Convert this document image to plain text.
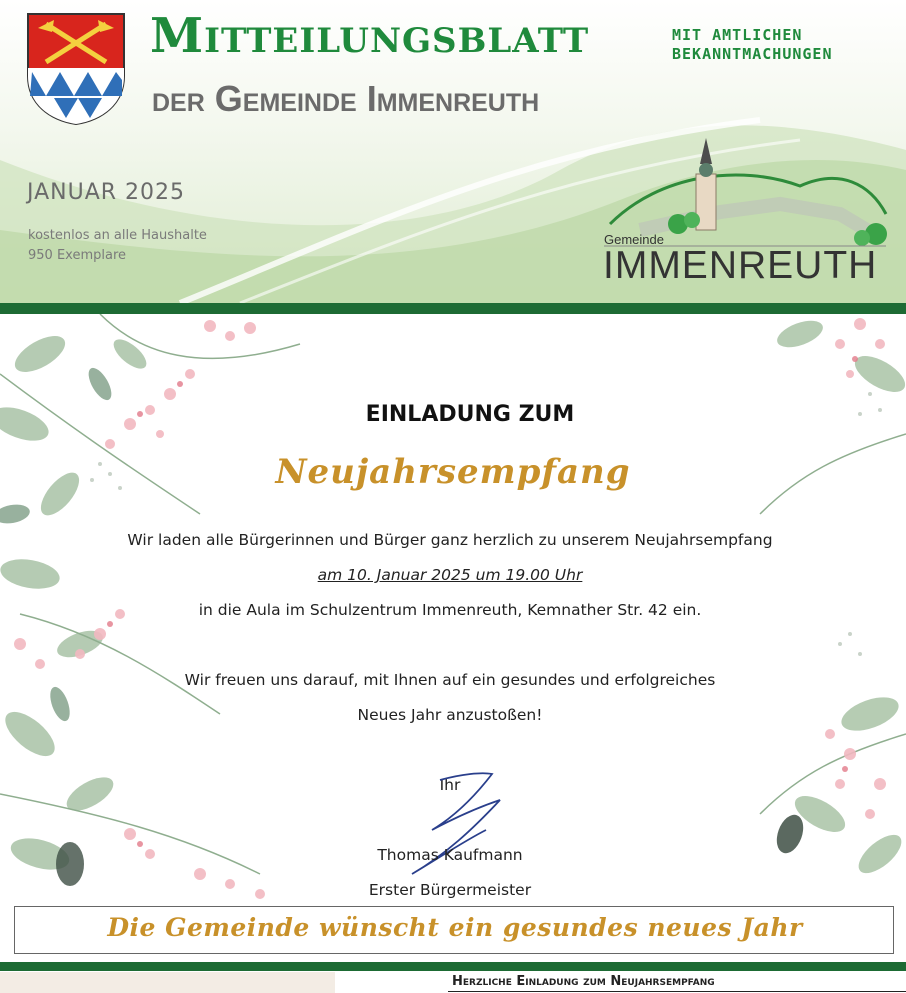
Mitteilungsblatt
der Gemeinde Immenreuth
MIT AMTLICHEN
BEKANNTMACHUNGEN
JANUAR 2025
kostenlos an alle Haushalte
950 Exemplare
Gemeinde
IMMENREUTH
EINLADUNG ZUM
Neujahrsempfang
Wir laden alle Bürgerinnen und Bürger ganz herzlich zu unserem Neujahrsempfang
am 10. Januar 2025 um 19.00 Uhr
in die Aula im Schulzentrum Immenreuth, Kemnather Str. 42 ein.
Wir freuen uns darauf, mit Ihnen auf ein gesundes und erfolgreiches
Neues Jahr anzustoßen!
Ihr
Thomas Kaufmann
Erster Bürgermeister
Die Gemeinde wünscht ein gesundes neues Jahr
Herzliche Einladung zum Neujahrsempfang
